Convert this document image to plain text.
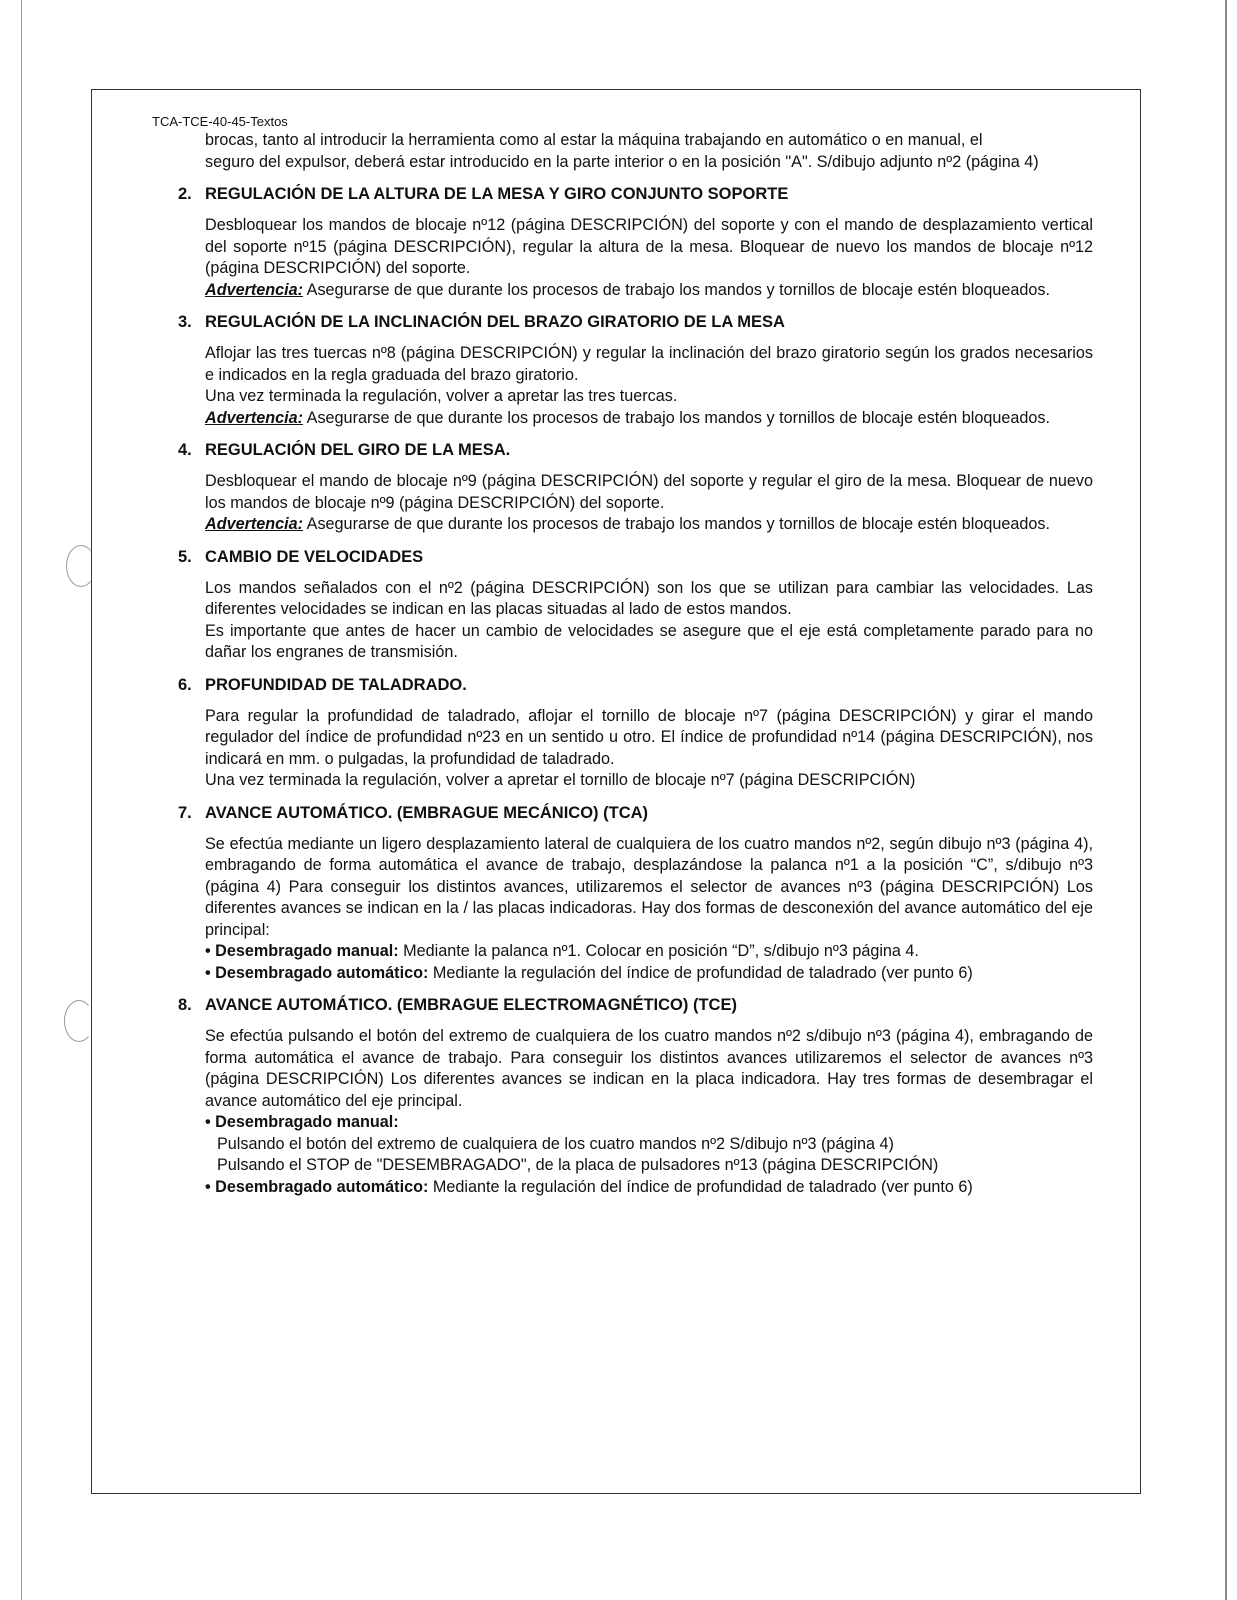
TCA-TCE-40-45-Textos

brocas, tanto al introducir la herramienta como al estar la máquina trabajando en automático o en manual, el

seguro del expulsor, deberá estar introducido en la parte interior o en la posición "A". S/dibujo adjunto nº2 (página 4)

2. REGULACIÓN DE LA ALTURA DE LA MESA Y GIRO CONJUNTO SOPORTE

Desbloquear los mandos de blocaje nº12 (página DESCRIPCIÓN) del soporte y con el mando de desplazamiento vertical del soporte nº15 (página DESCRIPCIÓN), regular la altura de la mesa. Bloquear de nuevo los mandos de blocaje nº12 (página DESCRIPCIÓN) del soporte.

Advertencia: Asegurarse de que durante los procesos de trabajo los mandos y tornillos de blocaje estén bloqueados.

3. REGULACIÓN DE LA INCLINACIÓN DEL BRAZO GIRATORIO DE LA MESA

Aflojar las tres tuercas nº8 (página DESCRIPCIÓN) y regular la inclinación del brazo giratorio según los grados necesarios e indicados en la regla graduada del brazo giratorio.

Una vez terminada la regulación, volver a apretar las tres tuercas.

Advertencia: Asegurarse de que durante los procesos de trabajo los mandos y tornillos de blocaje estén bloqueados.

4. REGULACIÓN DEL GIRO DE LA MESA.

Desbloquear el mando de blocaje nº9 (página DESCRIPCIÓN) del soporte y regular el giro de la mesa. Bloquear de nuevo los mandos de blocaje nº9 (página DESCRIPCIÓN) del soporte.

Advertencia: Asegurarse de que durante los procesos de trabajo los mandos y tornillos de blocaje estén bloqueados.

5. CAMBIO DE VELOCIDADES

Los mandos señalados con el nº2 (página DESCRIPCIÓN) son los que se utilizan para cambiar las velocidades. Las diferentes velocidades se indican en las placas situadas al lado de estos mandos.

Es importante que antes de hacer un cambio de velocidades se asegure que el eje está completamente parado para no dañar los engranes de transmisión.

6. PROFUNDIDAD DE TALADRADO.

Para regular la profundidad de taladrado, aflojar el tornillo de blocaje nº7 (página DESCRIPCIÓN) y girar el mando regulador del índice de profundidad nº23 en un sentido u otro. El índice de profundidad nº14 (página DESCRIPCIÓN), nos indicará en mm. o pulgadas, la profundidad de taladrado.

Una vez terminada la regulación, volver a apretar el tornillo de blocaje nº7 (página DESCRIPCIÓN)

7. AVANCE AUTOMÁTICO. (EMBRAGUE MECÁNICO) (TCA)

Se efectúa mediante un ligero desplazamiento lateral de cualquiera de los cuatro mandos nº2, según dibujo nº3 (página 4), embragando de forma automática el avance de trabajo, desplazándose la palanca nº1 a la posición “C”, s/dibujo nº3 (página 4) Para conseguir los distintos avances, utilizaremos el selector de avances nº3 (página DESCRIPCIÓN) Los diferentes avances se indican en la / las placas indicadoras. Hay dos formas de desconexión del avance automático del eje principal:

• Desembragado manual: Mediante la palanca nº1. Colocar en posición “D”, s/dibujo nº3 página 4.

• Desembragado automático: Mediante la regulación del índice de profundidad de taladrado (ver punto 6)

8. AVANCE AUTOMÁTICO. (EMBRAGUE ELECTROMAGNÉTICO) (TCE)

Se efectúa pulsando el botón del extremo de cualquiera de los cuatro mandos nº2 s/dibujo nº3 (página 4), embragando de forma automática el avance de trabajo. Para conseguir los distintos avances utilizaremos el selector de avances nº3 (página DESCRIPCIÓN) Los diferentes avances se indican en la placa indicadora. Hay tres formas de desembragar el avance automático del eje principal.

• Desembragado manual:

Pulsando el botón del extremo de cualquiera de los cuatro mandos nº2 S/dibujo nº3 (página 4)

Pulsando el STOP de "DESEMBRAGADO", de la placa de pulsadores nº13 (página DESCRIPCIÓN)

• Desembragado automático: Mediante la regulación del índice de profundidad de taladrado (ver punto 6)
